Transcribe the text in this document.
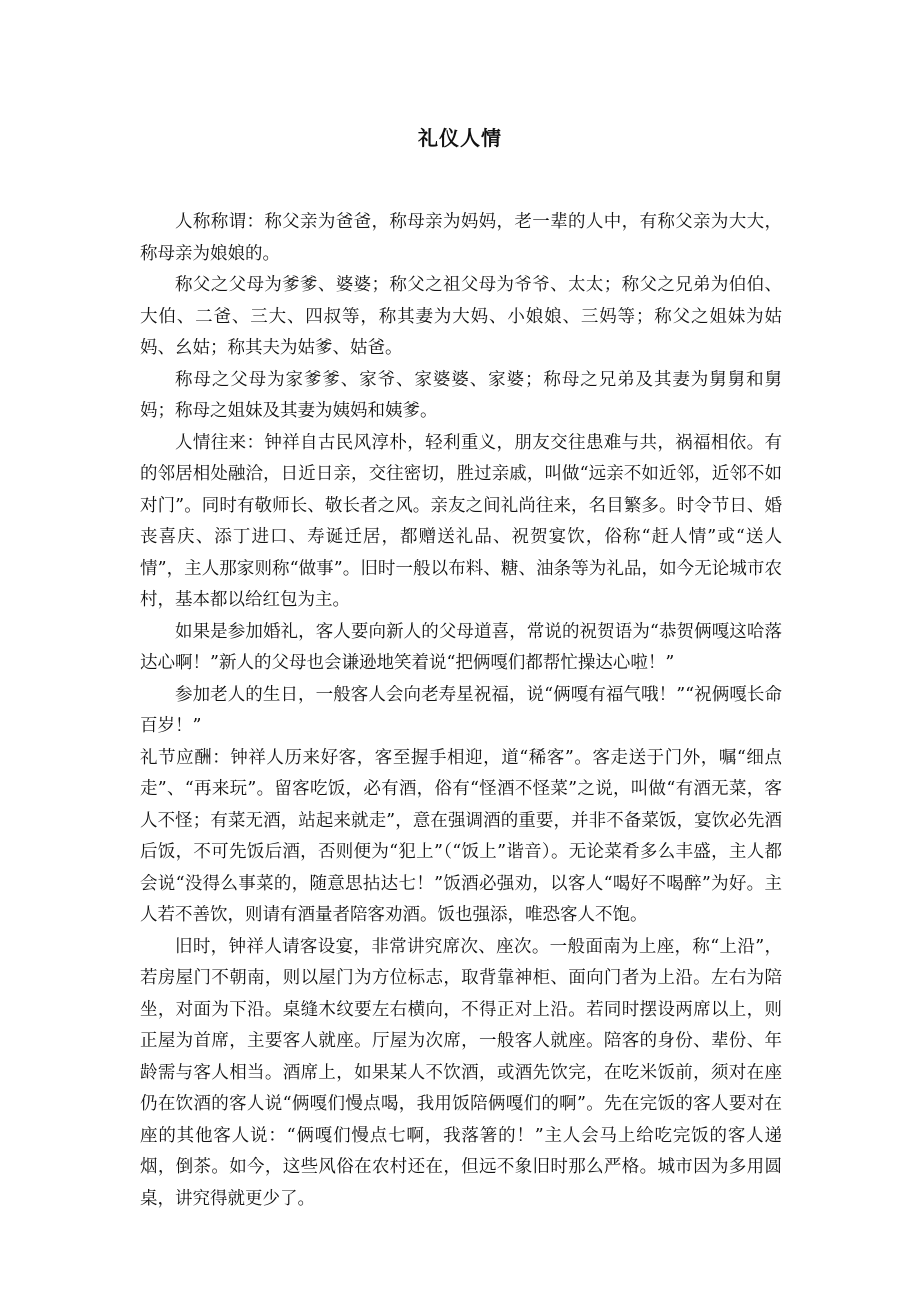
礼仪人情

人称称谓：称父亲为爸爸，称母亲为妈妈，老一辈的人中，有称父亲为大大，称母亲为娘娘的。

称父之父母为爹爹、婆婆；称父之祖父母为爷爷、太太；称父之兄弟为伯伯、大伯、二爸、三大、四叔等，称其妻为大妈、小娘娘、三妈等；称父之姐妹为姑妈、幺姑；称其夫为姑爹、姑爸。

称母之父母为家爹爹、家爷、家婆婆、家婆；称母之兄弟及其妻为舅舅和舅妈；称母之姐妹及其妻为姨妈和姨爹。

人情往来：钟祥自古民风淳朴，轻利重义，朋友交往患难与共，祸福相依。有的邻居相处融洽，日近日亲，交往密切，胜过亲戚，叫做“远亲不如近邻，近邻不如对门”。同时有敬师长、敬长者之风。亲友之间礼尚往来，名目繁多。时令节日、婚丧喜庆、添丁进口、寿诞迁居，都赠送礼品、祝贺宴饮，俗称“赶人情”或“送人情”，主人那家则称“做事”。旧时一般以布料、糖、油条等为礼品，如今无论城市农村，基本都以给红包为主。

如果是参加婚礼，客人要向新人的父母道喜，常说的祝贺语为“恭贺俩嘎这哈落达心啊！”新人的父母也会谦逊地笑着说“把俩嘎们都帮忙操达心啦！”

参加老人的生日，一般客人会向老寿星祝福，说“俩嘎有福气哦！”“祝俩嘎长命百岁！”

礼节应酬：钟祥人历来好客，客至握手相迎，道“稀客”。客走送于门外，嘱“细点走”、“再来玩”。留客吃饭，必有酒，俗有“怪酒不怪菜”之说，叫做“有酒无菜，客人不怪；有菜无酒，站起来就走”，意在强调酒的重要，并非不备菜饭，宴饮必先酒后饭，不可先饭后酒，否则便为“犯上”（“饭上”谐音）。无论菜肴多么丰盛，主人都会说“没得么事菜的，随意思拈达七！”饭酒必强劝，以客人“喝好不喝醉”为好。主人若不善饮，则请有酒量者陪客劝酒。饭也强添，唯恐客人不饱。

旧时，钟祥人请客设宴，非常讲究席次、座次。一般面南为上座，称“上沿”，若房屋门不朝南，则以屋门为方位标志，取背靠神柜、面向门者为上沿。左右为陪坐，对面为下沿。桌缝木纹要左右横向，不得正对上沿。若同时摆设两席以上，则正屋为首席，主要客人就座。厅屋为次席，一般客人就座。陪客的身份、辈份、年龄需与客人相当。酒席上，如果某人不饮酒，或酒先饮完，在吃米饭前，须对在座仍在饮酒的客人说“俩嘎们慢点喝，我用饭陪俩嘎们的啊”。先在完饭的客人要对在座的其他客人说：“俩嘎们慢点七啊，我落箸的！”主人会马上给吃完饭的客人递烟，倒茶。如今，这些风俗在农村还在，但远不象旧时那么严格。城市因为多用圆桌，讲究得就更少了。
